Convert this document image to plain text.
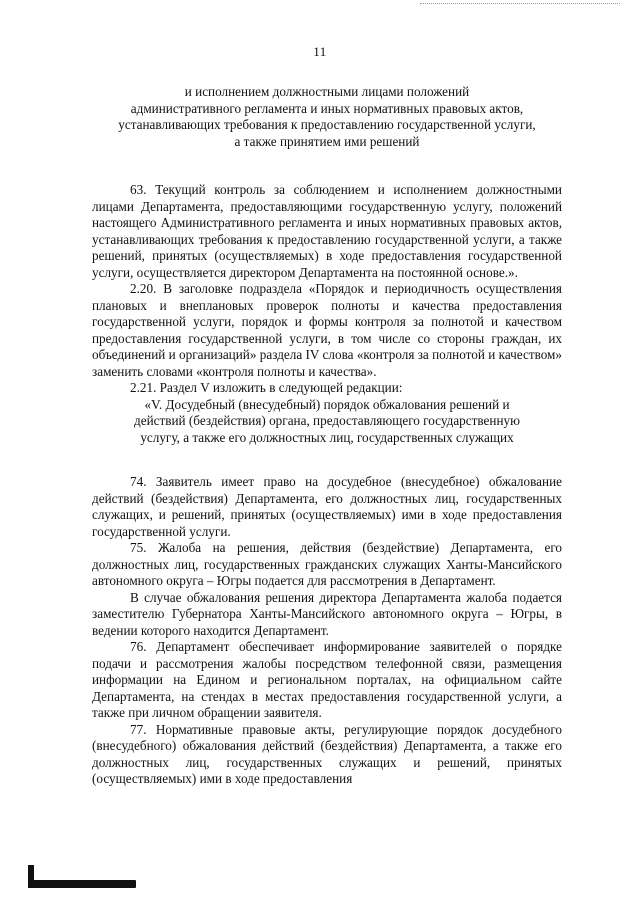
11
и исполнением должностными лицами положений
административного регламента и иных нормативных правовых актов,
устанавливающих требования к предоставлению государственной услуги,
а также принятием ими решений

63. Текущий контроль за соблюдением и исполнением должностными лицами Департамента, предоставляющими государственную услугу, положений настоящего Административного регламента и иных нормативных правовых актов, устанавливающих требования к предоставлению государственной услуги, а также решений, принятых (осуществляемых) в ходе предоставления государственной услуги, осуществляется директором Департамента на постоянной основе.».

2.20. В заголовке подраздела «Порядок и периодичность осуществления плановых и внеплановых проверок полноты и качества предоставления государственной услуги, порядок и формы контроля за полнотой и качеством предоставления государственной услуги, в том числе со стороны граждан, их объединений и организаций» раздела IV слова «контроля за полнотой и качеством» заменить словами «контроля полноты и качества».

2.21. Раздел V изложить в следующей редакции:

«V. Досудебный (внесудебный) порядок обжалования решений и
действий (бездействия) органа, предоставляющего государственную
услугу, а также его должностных лиц, государственных служащих

74. Заявитель имеет право на досудебное (внесудебное) обжалование действий (бездействия) Департамента, его должностных лиц, государственных служащих, и решений, принятых (осуществляемых) ими в ходе предоставления государственной услуги.

75. Жалоба на решения, действия (бездействие) Департамента, его должностных лиц, государственных гражданских служащих Ханты-Мансийского автономного округа – Югры подается для рассмотрения в Департамент.

В случае обжалования решения директора Департамента жалоба подается заместителю Губернатора Ханты-Мансийского автономного округа – Югры, в ведении которого находится Департамент.

76. Департамент обеспечивает информирование заявителей о порядке подачи и рассмотрения жалобы посредством телефонной связи, размещения информации на Едином и региональном порталах, на официальном сайте Департамента, на стендах в местах предоставления государственной услуги, а также при личном обращении заявителя.

77. Нормативные правовые акты, регулирующие порядок досудебного (внесудебного) обжалования действий (бездействия) Департамента, а также его должностных лиц, государственных служащих и решений, принятых (осуществляемых) ими в ходе предоставления
